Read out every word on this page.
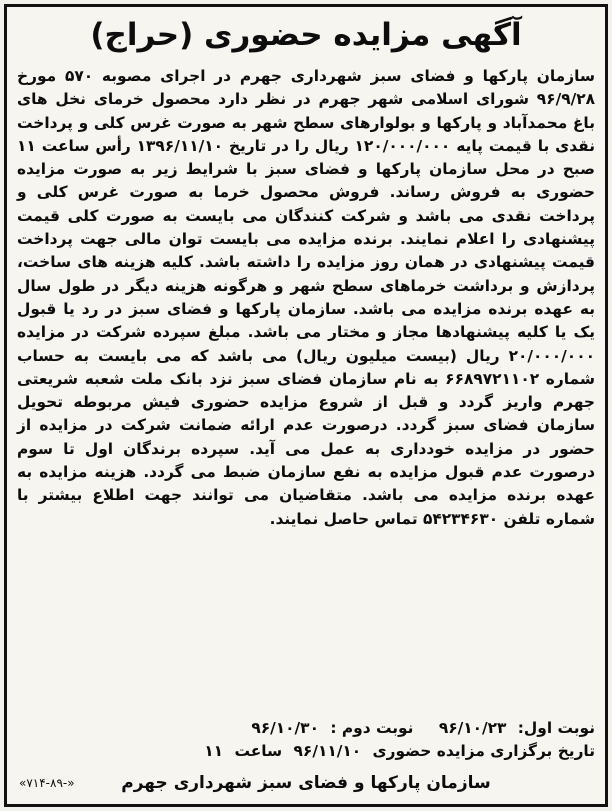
آگهی مزایده حضوری (حراج)

سازمان پارکها و فضای سبز شهرداری جهرم در اجرای مصوبه ۵۷۰ مورخ ۹۶/۹/۲۸ شورای اسلامی شهر جهرم در نظر دارد محصول خرمای نخل های باغ محمدآباد و پارکها و بولوارهای سطح شهر به صورت غرس کلی و پرداخت نقدی با قیمت پایه ۱۲۰/۰۰۰/۰۰۰ ریال را در تاریخ ۱۳۹۶/۱۱/۱۰ رأس ساعت ۱۱ صبح در محل سازمان پارکها و فضای سبز با شرایط زیر به صورت مزایده حضوری به فروش رساند. فروش محصول خرما به صورت غرس کلی و پرداخت نقدی می باشد و شرکت کنندگان می بایست به صورت کلی قیمت پیشنهادی را اعلام نمایند. برنده مزایده می بایست توان مالی جهت پرداخت قیمت پیشنهادی در همان روز مزایده را داشته باشد. کلیه هزینه های ساخت، پردازش و برداشت خرماهای سطح شهر و هرگونه هزینه دیگر در طول سال به عهده برنده مزایده می باشد. سازمان پارکها و فضای سبز در رد یا قبول یک یا کلیه پیشنهادها مجاز و مختار می باشد. مبلغ سپرده شرکت در مزایده ۲۰/۰۰۰/۰۰۰ ریال (بیست میلیون ریال) می باشد که می بایست به حساب شماره ۶۶۸۹۷۲۱۱۰۲ به نام سازمان فضای سبز نزد بانک ملت شعبه شریعتی جهرم واریز گردد و قبل از شروع مزایده حضوری فیش مربوطه تحویل سازمان فضای سبز گردد. درصورت عدم ارائه ضمانت شرکت در مزایده از حضور در مزایده خودداری به عمل می آید. سپرده برندگان اول تا سوم درصورت عدم قبول مزایده به نفع سازمان ضبط می گردد. هزینه مزایده به عهده برنده مزایده می باشد. متقاضیان می توانند جهت اطلاع بیشتر با شماره تلفن ۵۴۲۳۴۶۳۰ تماس حاصل نمایند.

نوبت اول: ۹۶/۱۰/۲۳ نوبت دوم : ۹۶/۱۰/۳۰

تاریخ برگزاری مزایده حضوری ۹۶/۱۱/۱۰ ساعت ۱۱

سازمان پارکها و فضای سبز شهرداری جهرم
«۷۱۴-۸۹-»
